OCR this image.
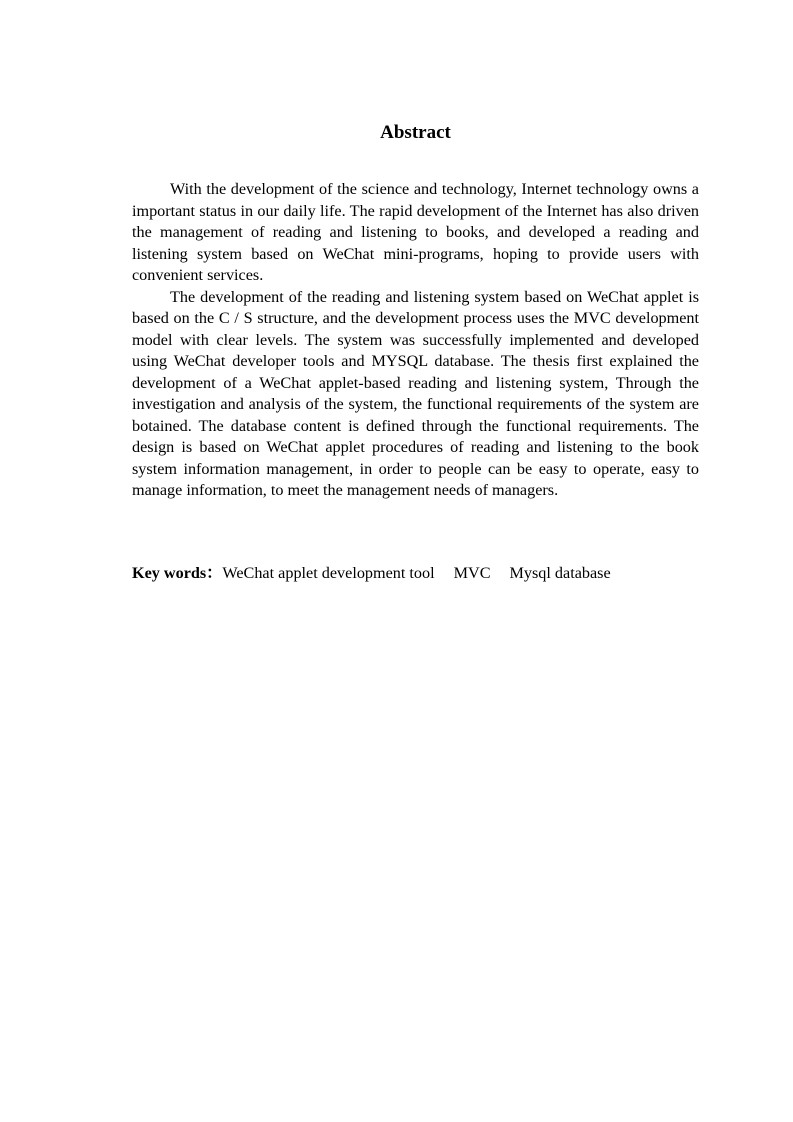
Abstract

With the development of the science and technology, Internet technology owns a important status in our daily life. The rapid development of the Internet has also driven the management of reading and listening to books, and developed a reading and listening system based on WeChat mini-programs, hoping to provide users with convenient services.

The development of the reading and listening system based on WeChat applet is based on the C / S structure, and the development process uses the MVC development model with clear levels. The system was successfully implemented and developed using WeChat developer tools and MYSQL database. The thesis first explained the development of a WeChat applet-based reading and listening system, Through the investigation and analysis of the system, the functional requirements of the system are botained. The database content is defined through the functional requirements. The design is based on WeChat applet procedures of reading and listening to the book system information management, in order to people can be easy to operate, easy to manage information, to meet the management needs of managers.

Key words：WeChat applet development tool MVC Mysql database
